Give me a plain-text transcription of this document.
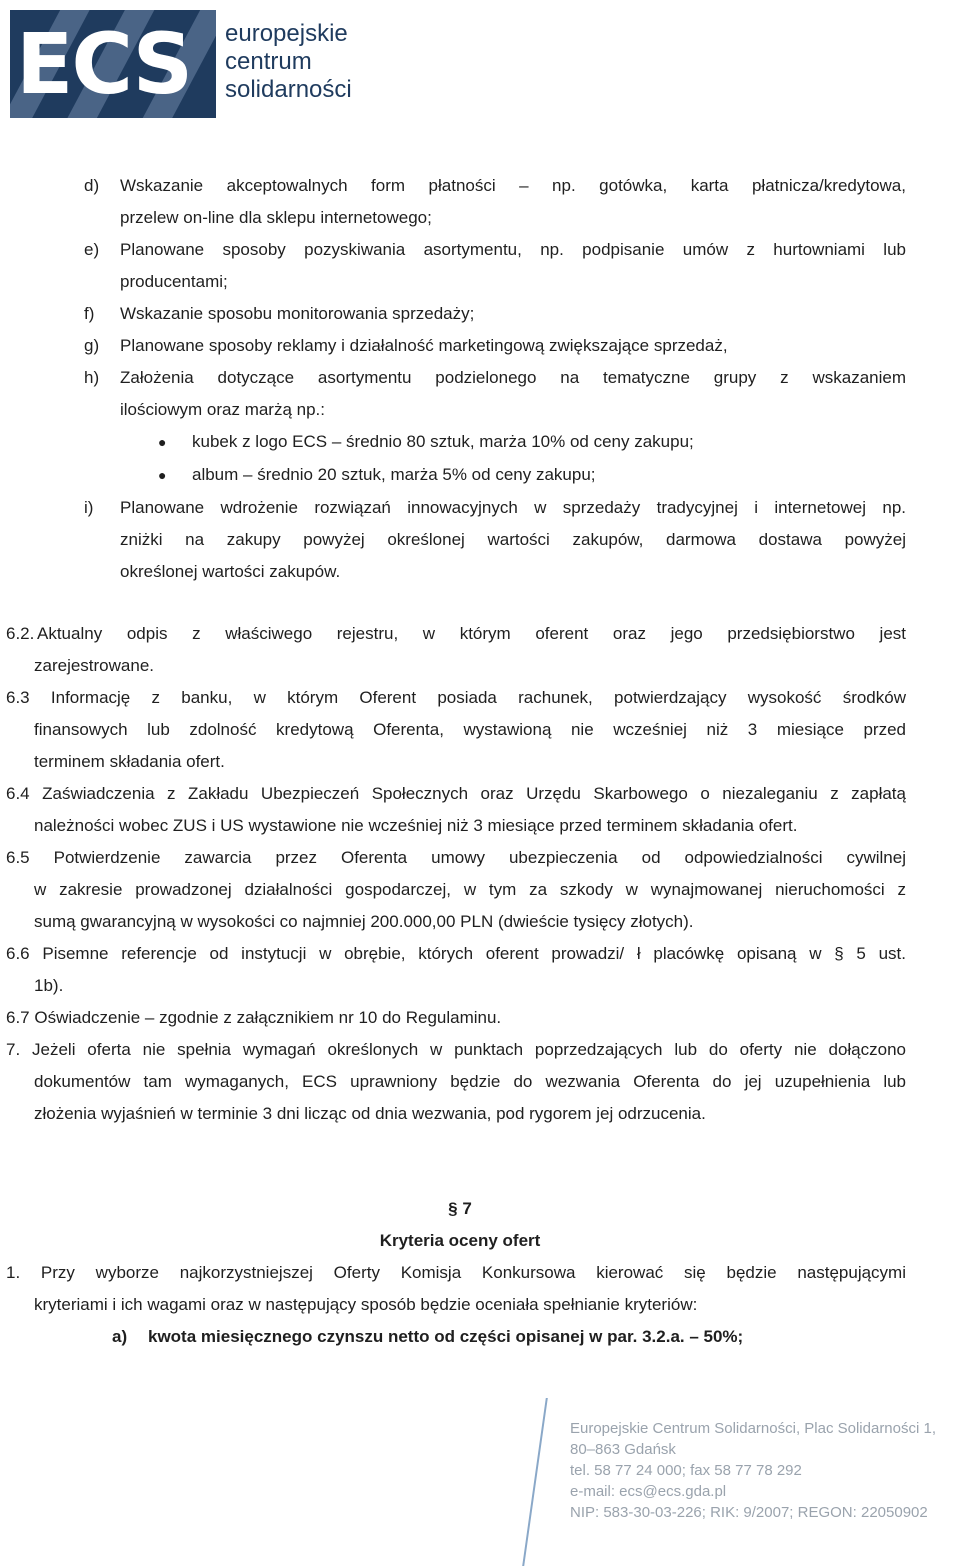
ECS europejskie
centrum
solidarności
d) Wskazanie akceptowalnych form płatności – np. gotówka, karta płatnicza/kredytowa,
przelew on-line dla sklepu internetowego;
e) Planowane sposoby pozyskiwania asortymentu, np. podpisanie umów z hurtowniami lub
producentami;
f) Wskazanie sposobu monitorowania sprzedaży;
g) Planowane sposoby reklamy i działalność marketingową zwiększające sprzedaż,
h) Założenia dotyczące asortymentu podzielonego na tematyczne grupy z wskazaniem
ilościowym oraz marżą np.:
● kubek z logo ECS – średnio 80 sztuk, marża 10% od ceny zakupu;
● album – średnio 20 sztuk, marża 5% od ceny zakupu;
i) Planowane wdrożenie rozwiązań innowacyjnych w sprzedaży tradycyjnej i internetowej np.
zniżki na zakupy powyżej określonej wartości zakupów, darmowa dostawa powyżej
określonej wartości zakupów.
6.2. Aktualny odpis z właściwego rejestru, w którym oferent oraz jego przedsiębiorstwo jest
zarejestrowane.
6.3 Informację z banku, w którym Oferent posiada rachunek, potwierdzający wysokość środków
finansowych lub zdolność kredytową Oferenta, wystawioną nie wcześniej niż 3 miesiące przed
terminem składania ofert.
6.4 Zaświadczenia z Zakładu Ubezpieczeń Społecznych oraz Urzędu Skarbowego o niezaleganiu z zapłatą
należności wobec ZUS i US wystawione nie wcześniej niż 3 miesiące przed terminem składania ofert.
6.5 Potwierdzenie zawarcia przez Oferenta umowy ubezpieczenia od odpowiedzialności cywilnej
w zakresie prowadzonej działalności gospodarczej, w tym za szkody w wynajmowanej nieruchomości z
sumą gwarancyjną w wysokości co najmniej 200.000,00 PLN (dwieście tysięcy złotych).
6.6 Pisemne referencje od instytucji w obrębie, których oferent prowadzi/ ł placówkę opisaną w § 5 ust.
1b).
6.7 Oświadczenie – zgodnie z załącznikiem nr 10 do Regulaminu.
7. Jeżeli oferta nie spełnia wymagań określonych w punktach poprzedzających lub do oferty nie dołączono
dokumentów tam wymaganych, ECS uprawniony będzie do wezwania Oferenta do jej uzupełnienia lub
złożenia wyjaśnień w terminie 3 dni licząc od dnia wezwania, pod rygorem jej odrzucenia.
§ 7
Kryteria oceny ofert
1. Przy wyborze najkorzystniejszej Oferty Komisja Konkursowa kierować się będzie następującymi
kryteriami i ich wagami oraz w następujący sposób będzie oceniała spełnianie kryteriów:
a) kwota miesięcznego czynszu netto od części opisanej w par. 3.2.a. – 50%;
Europejskie Centrum Solidarności, Plac Solidarności 1,
80–863 Gdańsk
tel. 58 77 24 000; fax 58 77 78 292
e-mail: ecs@ecs.gda.pl
NIP: 583-30-03-226; RIK: 9/2007; REGON: 22050902
